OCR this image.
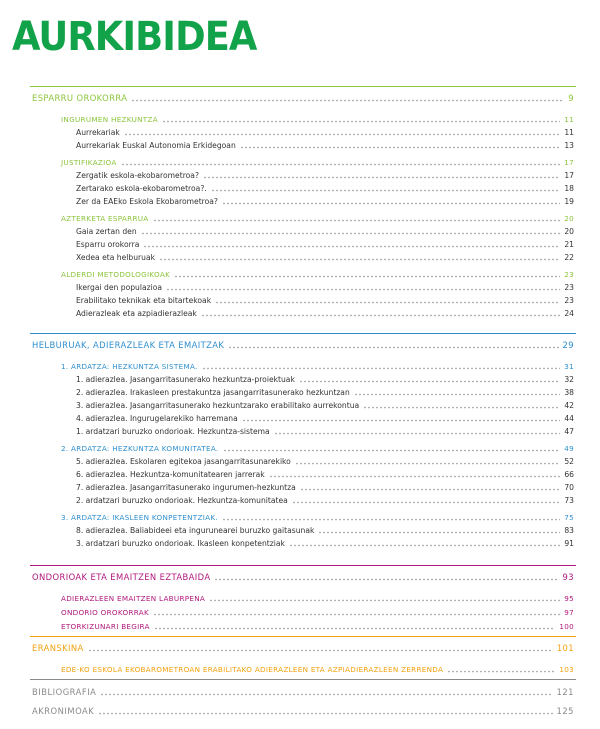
AURKIBIDEA
ESPARRU OROKORRA	9
INGURUMEN HEZKUNTZA	11
Aurrekariak	11
Aurrekariak Euskal Autonomia Erkidegoan	13
JUSTIFIKAZIOA	17
Zergatik eskola-ekobarometroa?	17
Zertarako eskola-ekobarometroa?.	18
Zer da EAEko Eskola Ekobarometroa?	19
AZTERKETA ESPARRUA	20
Gaia zertan den	20
Esparru orokorra	21
Xedea eta helburuak	22
ALDERDI METODOLOGIKOAK	23
Ikergai den populazioa	23
Erabilitako teknikak eta bitartekoak	23
Adierazleak eta azpiadierazleak	24
HELBURUAK, ADIERAZLEAK ETA EMAITZAK	29
1. ARDATZA: HEZKUNTZA SISTEMA.	31
1. adierazlea. Jasangarritasunerako hezkuntza-proiektuak	32
2. adierazlea. Irakasleen prestakuntza jasangarritasunerako hezkuntzan	38
3. adierazlea. Jasangarritasunerako hezkuntzarako erabilitako aurrekontua	42
4. adierazlea. Ingurugelarekiko harremana	44
1. ardatzari buruzko ondorioak. Hezkuntza-sistema	47
2. ARDATZA: HEZKUNTZA KOMUNITATEA.	49
5. adierazlea. Eskolaren egitekoa jasangarritasunarekiko	52
6. adierazlea. Hezkuntza-komunitatearen jarrerak	66
7. adierazlea. Jasangarritasunerako ingurumen-hezkuntza	70
2. ardatzari buruzko ondorioak. Hezkuntza-komunitatea	73
3. ARDATZA: IKASLEEN KONPETENTZIAK.	75
8. adierazlea. Baliabideei eta ingurunearei buruzko gaitasunak	83
3. ardatzari buruzko ondorioak. Ikasleen konpetentziak	91
ONDORIOAK ETA EMAITZEN EZTABAIDA	93
ADIERAZLEEN EMAITZEN LABURPENA	95
ONDORIO OROKORRAK	97
ETORKIZUNARI BEGIRA	100
ERANSKINA	101
EDE-KO ESKOLA EKOBAROMETROAN ERABILITAKO ADIERAZLEEN ETA AZPIADIERAZLEEN ZERRENDA	103
BIBLIOGRAFIA	121
AKRONIMOAK	125
